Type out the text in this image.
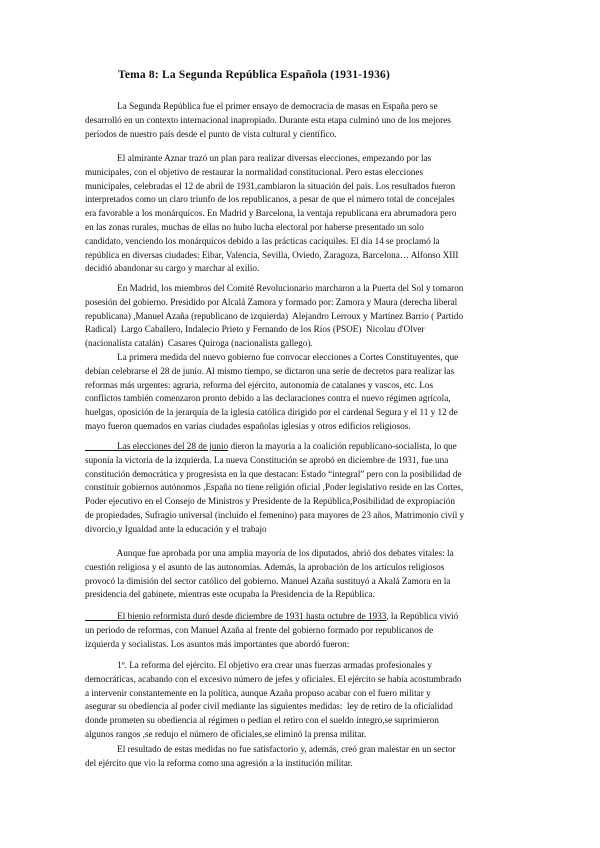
Tema 8: La Segunda República Española (1931-1936)

La Segunda República fue el primer ensayo de democracia de masas en España pero se
desarrolló en un contexto internacional inapropiado. Durante esta etapa culminó uno de los mejores
períodos de nuestro país desde el punto de vista cultural y científico.

El almirante Aznar trazó un plan para realizar diversas elecciones, empezando por las
municipales, con el objetivo de restaurar la normalidad constitucional. Pero estas elecciones
municipales, celebradas el 12 de abril de 1931,cambiaron la situación del país. Los resultados fueron
interpretados como un claro triunfo de los republicanos, a pesar de que el número total de concejales
era favorable a los monárquicos. En Madrid y Barcelona, la ventaja republicana era abrumadora pero
en las zonas rurales, muchas de ellas no hubo lucha electoral por haberse presentado un solo
candidato, venciendo los monárquicos debido a las prácticas caciquiles. El día 14 se proclamó la
república en diversas ciudades: Eibar, Valencia, Sevilla, Oviedo, Zaragoza, Barcelona… Alfonso XIII
decidió abandonar su cargo y marchar al exilio.

En Madrid, los miembros del Comité Revolucionario marcharon a la Puerta del Sol y tomaron
posesión del gobierno. Presidido por Alcalá Zamora y formado por: Zamora y Maura (derecha liberal
republicana) ,Manuel Azaña (republicano de izquierda)  Alejandro Lerroux y Martínez Barrio ( Partido
Radical)  Largo Caballero, Indalecio Prieto y Fernando de los Ríos (PSOE)  Nicolau d'Olver
(nacionalista catalán)  Casares Quiroga (nacionalista gallego).

La primera medida del nuevo gobierno fue convocar elecciones a Cortes Constituyentes, que
debían celebrarse el 28 de junio. Al mismo tiempo, se dictaron una serie de decretos para realizar las
reformas más urgentes: agraria, reforma del ejército, autonomía de catalanes y vascos, etc. Los
conflictos también comenzaron pronto debido a las declaraciones contra el nuevo régimen agrícola,
huelgas, oposición de la jerarquía de la iglesia católica dirigido por el cardenal Segura y el 11 y 12 de
mayo fueron quemados en varias ciudades españolas iglesias y otros edificios religiosos.

Las elecciones del 28 de junio dieron la mayoría a la coalición republicano-socialista, lo que
suponía la victoria de la izquierda. La nueva Constitución se aprobó en diciembre de 1931, fue una
constitución democrática y progresista en la que destacan: Estado “integral” pero con la posibilidad de
constituir gobiernos autónomos ,España no tiene religión oficial ,Poder legislativo reside en las Cortes,
Poder ejecutivo en el Consejo de Ministros y Presidente de la República,Posibilidad de expropiación
de propiedades, Sufragio universal (incluido el femenino) para mayores de 23 años, Matrimonio civil y
divorcio,y Igualdad ante la educación y el trabajo

Aunque fue aprobada por una amplia mayoría de los diputados, abrió dos debates vitales: la
cuestión religiosa y el asunto de las autonomías. Además, la aprobación de los artículos religiosos
provocó la dimisión del sector católico del gobierno. Manuel Azaña sustituyó a Akalá Zamora en la
presidencia del gabinete, mientras este ocupaba la Presidencia de la República.

El bienio reformista duró desde diciembre de 1931 hasta octubre de 1933, la República vivió
un periodo de reformas, con Manuel Azaña al frente del gobierno formado por republicanos de
izquierda y socialistas. Los asuntos más importantes que abordó fueron:

1º. La reforma del ejército. El objetivo era crear unas fuerzas armadas profesionales y
democráticas, acabando con el excesivo número de jefes y oficiales. El ejército se había acostumbrado
a intervenir constantemente en la política, aunque Azaña propuso acabar con el fuero militar y
asegurar su obediencia al poder civil mediante las siguientes medidas:  ley de retiro de la oficialidad
donde prometen su obediencia al régimen o pedían el retiro con el sueldo íntegro,se suprimieron
algunos rangos ,se redujo el número de oficiales,se eliminó la prensa militar.

El resultado de estas medidas no fue satisfactorio y, además, creó gran malestar en un sector
del ejército que vio la reforma como una agresión a la institución militar.
